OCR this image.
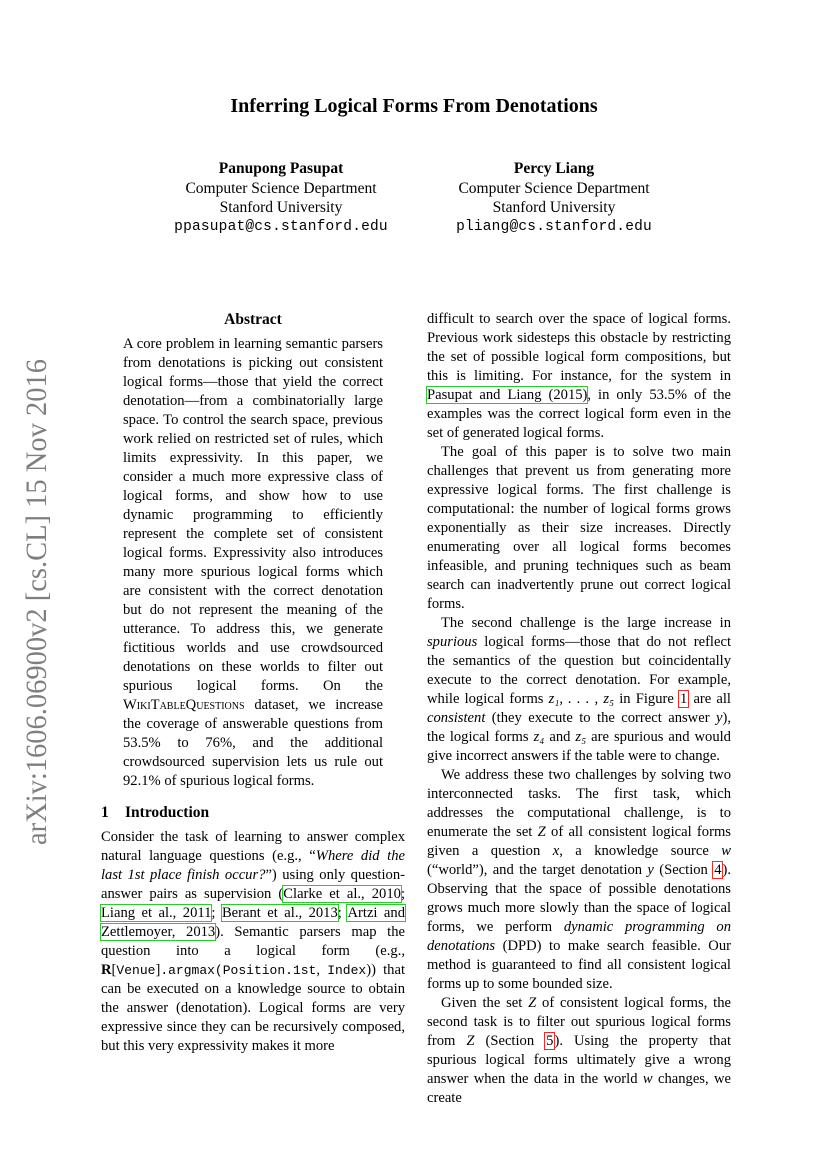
Inferring Logical Forms From Denotations
Panupong Pasupat
Computer Science Department
Stanford University
ppasupat@cs.stanford.edu
Percy Liang
Computer Science Department
Stanford University
pliang@cs.stanford.edu
arXiv:1606.06900v2 [cs.CL] 15 Nov 2016
Abstract

A core problem in learning semantic parsers from denotations is picking out consistent logical forms—those that yield the correct denotation—from a combinatorially large space. To control the search space, previous work relied on restricted set of rules, which limits expressivity. In this paper, we consider a much more expressive class of logical forms, and show how to use dynamic programming to efficiently represent the complete set of consistent logical forms. Expressivity also introduces many more spurious logical forms which are consistent with the correct denotation but do not represent the meaning of the utterance. To address this, we generate fictitious worlds and use crowdsourced denotations on these worlds to filter out spurious logical forms. On the WikiTableQuestions dataset, we increase the coverage of answerable questions from 53.5% to 76%, and the additional crowdsourced supervision lets us rule out 92.1% of spurious logical forms.

1 Introduction

Consider the task of learning to answer complex natural language questions (e.g., “Where did the last 1st place finish occur?”) using only question-answer pairs as supervision (Clarke et al., 2010; Liang et al., 2011; Berant et al., 2013; Artzi and Zettlemoyer, 2013). Semantic parsers map the question into a logical form (e.g., R[Venue].argmax(Position.1st, Index)) that can be executed on a knowledge source to obtain the answer (denotation). Logical forms are very expressive since they can be recursively composed, but this very expressivity makes it more

difficult to search over the space of logical forms. Previous work sidesteps this obstacle by restricting the set of possible logical form compositions, but this is limiting. For instance, for the system in Pasupat and Liang (2015), in only 53.5% of the examples was the correct logical form even in the set of generated logical forms.

The goal of this paper is to solve two main challenges that prevent us from generating more expressive logical forms. The first challenge is computational: the number of logical forms grows exponentially as their size increases. Directly enumerating over all logical forms becomes infeasible, and pruning techniques such as beam search can inadvertently prune out correct logical forms.

The second challenge is the large increase in spurious logical forms—those that do not reflect the semantics of the question but coincidentally execute to the correct denotation. For example, while logical forms z₁, . . . , z₅ in Figure 1 are all consistent (they execute to the correct answer y), the logical forms z₄ and z₅ are spurious and would give incorrect answers if the table were to change.

We address these two challenges by solving two interconnected tasks. The first task, which addresses the computational challenge, is to enumerate the set Z of all consistent logical forms given a question x, a knowledge source w (“world”), and the target denotation y (Section 4). Observing that the space of possible denotations grows much more slowly than the space of logical forms, we perform dynamic programming on denotations (DPD) to make search feasible. Our method is guaranteed to find all consistent logical forms up to some bounded size.

Given the set Z of consistent logical forms, the second task is to filter out spurious logical forms from Z (Section 5). Using the property that spurious logical forms ultimately give a wrong answer when the data in the world w changes, we create
